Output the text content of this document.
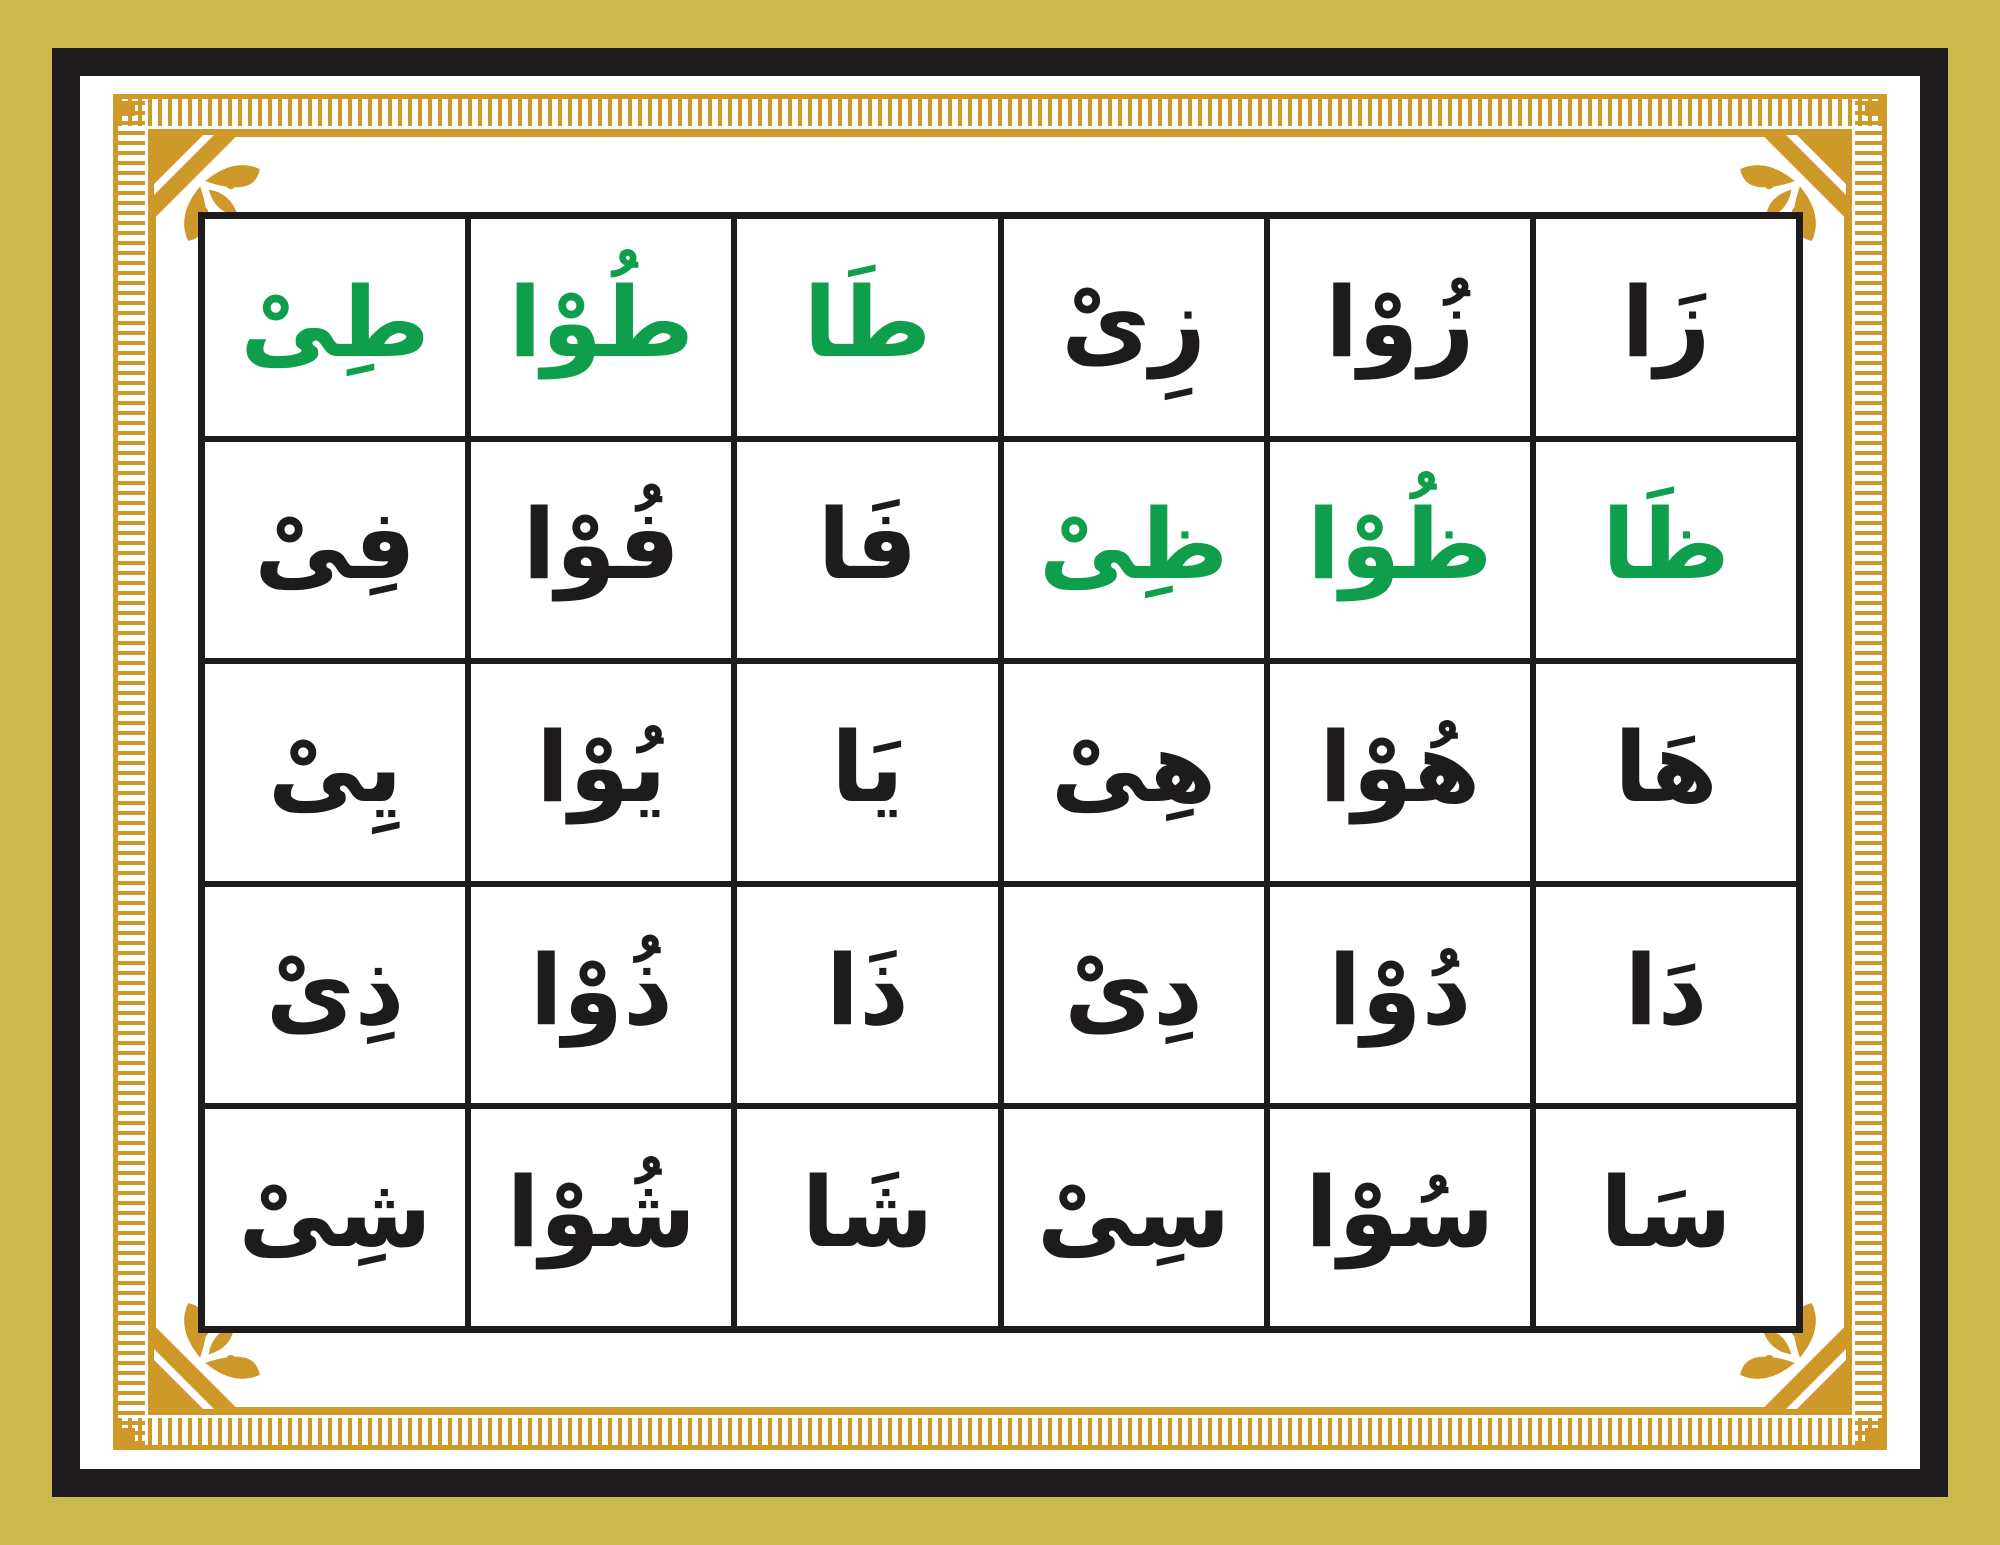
زَا
زُوْا
زِىْ
طَا
طُوْا
طِىْ
ظَا
ظُوْا
ظِىْ
فَا
فُوْا
فِىْ
هَا
هُوْا
هِىْ
يَا
يُوْا
يِىْ
دَا
دُوْا
دِىْ
ذَا
ذُوْا
ذِىْ
سَا
سُوْا
سِىْ
شَا
شُوْا
شِىْ
